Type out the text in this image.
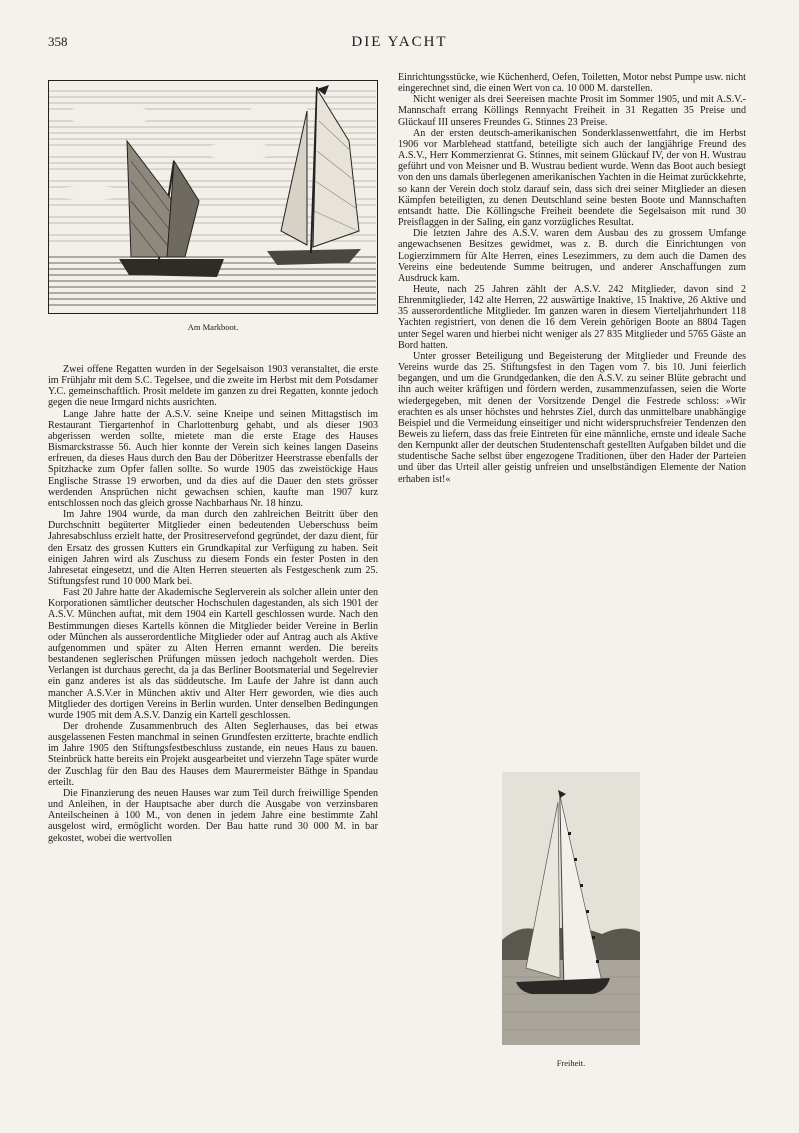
358	DIE YACHT
Am Markboot.

Zwei offene Regatten wurden in der Segelsaison 1903 veranstaltet, die erste im Frühjahr mit dem S.C. Tegelsee, und die zweite im Herbst mit dem Potsdamer Y.C. gemeinschaftlich. Prosit meldete im ganzen zu drei Regatten, konnte jedoch gegen die neue Irmgard nichts ausrichten.

Lange Jahre hatte der A.S.V. seine Kneipe und seinen Mittagstisch im Restaurant Tiergartenhof in Charlottenburg gehabt, und als dieser 1903 abgerissen werden sollte, mietete man die erste Etage des Hauses Bismarckstrasse 56. Auch hier konnte der Verein sich keines langen Daseins erfreuen, da dieses Haus durch den Bau der Döberitzer Heerstrasse ebenfalls der Spitzhacke zum Opfer fallen sollte. So wurde 1905 das zweistöckige Haus Englische Strasse 19 erworben, und da dies auf die Dauer den stets grösser werdenden Ansprüchen nicht gewachsen schien, kaufte man 1907 kurz entschlossen noch das gleich grosse Nachbarhaus Nr. 18 hinzu.

Im Jahre 1904 wurde, da man durch den zahlreichen Beitritt über den Durchschnitt begüterter Mitglieder einen bedeutenden Ueberschuss beim Jahresabschluss erzielt hatte, der Prositreservefond gegründet, der dazu dient, für den Ersatz des grossen Kutters ein Grundkapital zur Verfügung zu haben. Seit einigen Jahren wird als Zuschuss zu diesem Fonds ein fester Posten in den Jahresetat eingesetzt, und die Alten Herren steuerten als Festgeschenk zum 25. Stiftungsfest rund 10 000 Mark bei.

Fast 20 Jahre hatte der Akademische Seglerverein als solcher allein unter den Korporationen sämtlicher deutscher Hochschulen dagestanden, als sich 1901 der A.S.V. München auftat, mit dem 1904 ein Kartell geschlossen wurde. Nach den Bestimmungen dieses Kartells können die Mitglieder beider Vereine in Berlin oder München als ausserordentliche Mitglieder oder auf Antrag auch als Aktive aufgenommen und später zu Alten Herren ernannt werden. Die bereits bestandenen seglerischen Prüfungen müssen jedoch nachgeholt werden. Dies Verlangen ist durchaus gerecht, da ja das Berliner Bootsmaterial und Segelrevier ein ganz anderes ist als das süddeutsche. Im Laufe der Jahre ist dann auch mancher A.S.V.er in München aktiv und Alter Herr geworden, wie dies auch Mitglieder des dortigen Vereins in Berlin wurden. Unter denselben Bedingungen wurde 1905 mit dem A.S.V. Danzig ein Kartell geschlossen.

Der drohende Zusammenbruch des Alten Seglerhauses, das bei etwas ausgelassenen Festen manchmal in seinen Grundfesten erzitterte, brachte endlich im Jahre 1905 den Stiftungsfestbeschluss zustande, ein neues Haus zu bauen. Steinbrück hatte bereits ein Projekt ausgearbeitet und vierzehn Tage später wurde der Zuschlag für den Bau des Hauses dem Maurermeister Bäthge in Spandau erteilt.

Die Finanzierung des neuen Hauses war zum Teil durch freiwillige Spenden und Anleihen, in der Hauptsache aber durch die Ausgabe von verzinsbaren Anteilscheinen à 100 M., von denen in jedem Jahre eine bestimmte Zahl ausgelost wird, ermöglicht worden. Der Bau hatte rund 30 000 M. in bar gekostet, wobei die wertvollen

Einrichtungsstücke, wie Küchenherd, Oefen, Toiletten, Motor nebst Pumpe usw. nicht eingerechnet sind, die einen Wert von ca. 10 000 M. darstellen.

Nicht weniger als drei Seereisen machte Prosit im Sommer 1905, und mit A.S.V.-Mannschaft errang Köllings Rennyacht Freiheit in 31 Regatten 35 Preise und Glückauf III unseres Freundes G. Stinnes 23 Preise.

An der ersten deutsch-amerikanischen Sonderklassenwettfahrt, die im Herbst 1906 vor Marblehead stattfand, beteiligte sich auch der langjährige Freund des A.S.V., Herr Kommerzienrat G. Stinnes, mit seinem Glückauf IV, der von H. Wustrau geführt und von Meisner und B. Wustrau bedient wurde. Wenn das Boot auch besiegt von den uns damals überlegenen amerikanischen Yachten in die Heimat zurückkehrte, so kann der Verein doch stolz darauf sein, dass sich drei seiner Mitglieder an diesen Kämpfen beteiligten, zu denen Deutschland seine besten Boote und Mannschaften entsandt hatte. Die Köllingsche Freiheit beendete die Segelsaison mit rund 30 Preisflaggen in der Saling, ein ganz vorzügliches Resultat.

Die letzten Jahre des A.S.V. waren dem Ausbau des zu grossem Umfange angewachsenen Besitzes gewidmet, was z. B. durch die Einrichtungen von Logierzimmern für Alte Herren, eines Lesezimmers, zu dem auch die Damen des Vereins eine bedeutende Summe beitrugen, und anderer Anschaffungen zum Ausdruck kam.

Heute, nach 25 Jahren zählt der A.S.V. 242 Mitglieder, davon sind 2 Ehrenmitglieder, 142 alte Herren, 22 auswärtige Inaktive, 15 Inaktive, 26 Aktive und 35 ausserordentliche Mitglieder. Im ganzen waren in diesem Vierteljahrhundert 118 Yachten registriert, von denen die 16 dem Verein gehörigen Boote an 8804 Tagen unter Segel waren und hierbei nicht weniger als 27 835 Mitglieder und 5765 Gäste an Bord hatten.

Unter grosser Beteiligung und Begeisterung der Mitglieder und Freunde des Vereins wurde das 25. Stiftungsfest in den Tagen vom 7. bis 10. Juni feierlich begangen, und um die Grundgedanken, die den A.S.V. zu seiner Blüte gebracht und ihn auch weiter kräftigen und fördern werden, zusammenzufassen, seien die Worte wiedergegeben, mit denen der Vorsitzende Dengel die Festrede schloss: »Wir erachten es als unser höchstes und hehrstes Ziel, durch das unmittelbare unabhängige Beispiel und die Vermeidung einseitiger und nicht widerspruchsfreier Tendenzen den Beweis zu liefern, dass das freie Eintreten für eine männliche, ernste und ideale Sache den Kernpunkt aller der deutschen Studentenschaft gestellten Aufgaben bildet und die studentische Sache selbst über engezogene Traditionen, über den Hader der Parteien und über das Urteil aller geistig unfreien und unselbständigen Elemente der Nation erhaben ist!«

Freiheit.
